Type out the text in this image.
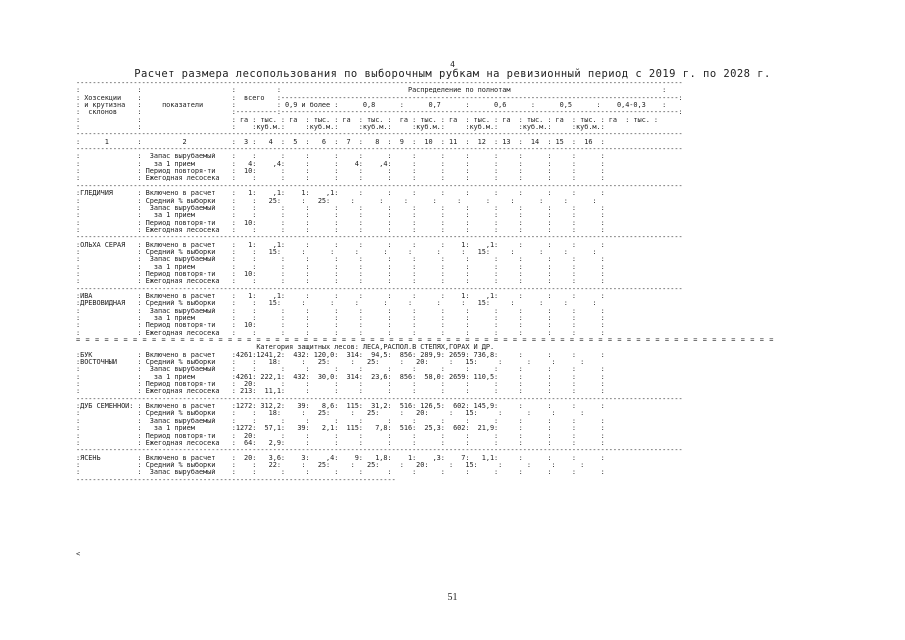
4
Расчет размера лесопользования по выборочным рубкам на ревизионный период с 2019 г. по 2028 г.
----------------------------------------------------------------------------------------------------------------------------------------------------
:              :                      :          :                               Распределение по полнотам                                     :
: Хозсекции    :                      :  всего   :-------------------------------------------------------------------------------------------------:
: и крутизна   :     показатели       :          : 0,9 и более :      0,8      :      0,7      :      0,6      :      0,5      :    0,4-0,3    :
:  склонов     :                      :----------:-------------------------------------------------------------------------------------------------:
:              :                      : га : тыс. : га  : тыс. : га  : тыс. :  га : тыс. : га  : тыс. : га  : тыс. : га  : тыс. : га  : тыс. :
:              :                      :    :куб.м.:     :куб.м.:     :куб.м.:     :куб.м.:     :куб.м.:     :куб.м.:     :куб.м.:
----------------------------------------------------------------------------------------------------------------------------------------------------
:      1       :          2           :  3 :   4  :  5  :   6  :  7  :   8  :  9  :  10  : 11  :  12  : 13  :  14  : 15  :  16  :
----------------------------------------------------------------------------------------------------------------------------------------------------
:              :  Запас вырубаемый    :    :      :     :      :     :      :     :      :     :      :     :      :     :      :
:              :   за 1 прием         :   4:    ,4:     :      :    4:    ,4:     :      :     :      :     :      :     :      :
:              : Период повторя-ти    :  10:      :     :      :     :      :     :      :     :      :     :      :     :      :
:              : Ежегодная лесосека   :    :      :     :      :     :      :     :      :     :      :     :      :     :      :
----------------------------------------------------------------------------------------------------------------------------------------------------
:ГЛЕДИЧИЯ      : Включено в расчет    :   1:    ,1:    1:    ,1:     :      :     :      :     :      :     :      :     :      :
:              : Средний % выборки    :    :   25:     :   25:     :      :     :      :     :      :     :      :     :      :
:              :  Запас вырубаемый    :    :      :     :      :     :      :     :      :     :      :     :      :     :      :
:              :   за 1 прием         :    :      :     :      :     :      :     :      :     :      :     :      :     :      :
:              : Период повторя-ти    :  10:      :     :      :     :      :     :      :     :      :     :      :     :      :
:              : Ежегодная лесосека   :    :      :     :      :     :      :     :      :     :      :     :      :     :      :
----------------------------------------------------------------------------------------------------------------------------------------------------
:ОЛЬХА СЕРАЯ   : Включено в расчет    :   1:    ,1:     :      :     :      :     :      :    1:    ,1:     :      :     :      :
:              : Средний % выборки    :    :   15:     :      :     :      :     :      :     :   15:     :      :     :      :
:              :  Запас вырубаемый    :    :      :     :      :     :      :     :      :     :      :     :      :     :      :
:              :   за 1 прием         :    :      :     :      :     :      :     :      :     :      :     :      :     :      :
:              : Период повторя-ти    :  10:      :     :      :     :      :     :      :     :      :     :      :     :      :
:              : Ежегодная лесосека   :    :      :     :      :     :      :     :      :     :      :     :      :     :      :
----------------------------------------------------------------------------------------------------------------------------------------------------
:ИВА           : Включено в расчет    :   1:    ,1:     :      :     :      :     :      :    1:    ,1:     :      :     :      :
:ДРЕВОВИДНАЯ   : Средний % выборки    :    :   15:     :      :     :      :     :      :     :   15:     :      :     :      :
:              :  Запас вырубаемый    :    :      :     :      :     :      :     :      :     :      :     :      :     :      :
:              :   за 1 прием         :    :      :     :      :     :      :     :      :     :      :     :      :     :      :
:              : Период повторя-ти    :  10:      :     :      :     :      :     :      :     :      :     :      :     :      :
:              : Ежегодная лесосека   :    :      :     :      :     :      :     :      :     :      :     :      :     :      :
= = = = = = = = = = = = = = = = = = = = = = = = = = = = = = = = = = = = = = = = = = = = = = = = = = = = = = = = = = = = = = = = = = = = = = = = = =
Категория защитных лесов: ЛЕСА,РАСПОЛ.В СТЕПЯХ,ГОРАХ И ДР.
:БУК           : Включено в расчет    :4261:1241,2:  432: 120,0:  314:  94,5:  856: 289,9: 2659: 736,8:     :      :     :      :
:ВОСТОЧНЫЙ     : Средний % выборки    :    :   18:     :   25:     :   25:     :   20:     :   15:     :      :     :      :
:              :  Запас вырубаемый    :    :      :     :      :     :      :     :      :     :      :     :      :     :      :
:              :   за 1 прием         :4261: 222,1:  432:  30,0:  314:  23,6:  856:  58,0: 2659: 110,5:     :      :     :      :
:              : Период повторя-ти    :  20:      :     :      :     :      :     :      :     :      :     :      :     :      :
:              : Ежегодная лесосека   : 213:  11,1:     :      :     :      :     :      :     :      :     :      :     :      :
----------------------------------------------------------------------------------------------------------------------------------------------------
:ДУБ СЕМЕННОЙ: : Включено в расчет    :1272: 312,2:   39:   8,6:  115:  31,2:  516: 126,5:  602: 145,9:     :      :     :      :
:              : Средний % выборки    :    :   18:     :   25:     :   25:     :   20:     :   15:     :      :     :      :
:              :  Запас вырубаемый    :    :      :     :      :     :      :     :      :     :      :     :      :     :      :
:              :   за 1 прием         :1272:  57,1:   39:   2,1:  115:   7,8:  516:  25,3:  602:  21,9:     :      :     :      :
:              : Период повторя-ти    :  20:      :     :      :     :      :     :      :     :      :     :      :     :      :
:              : Ежегодная лесосека   :  64:   2,9:     :      :     :      :     :      :     :      :     :      :     :      :
----------------------------------------------------------------------------------------------------------------------------------------------------
:ЯСЕНЬ         : Включено в расчет    :  20:   3,6:    3:    ,4:    9:   1,8:    1:    ,3:    7:   1,1:     :      :     :      :
:              : Средний % выборки    :    :   22:     :   25:     :   25:     :   20:     :   15:     :      :     :      :
:              :  Запас вырубаемый    :    :      :     :      :     :      :     :      :     :      :     :      :     :      :
------------------------------------------------------------------------------
<
51
